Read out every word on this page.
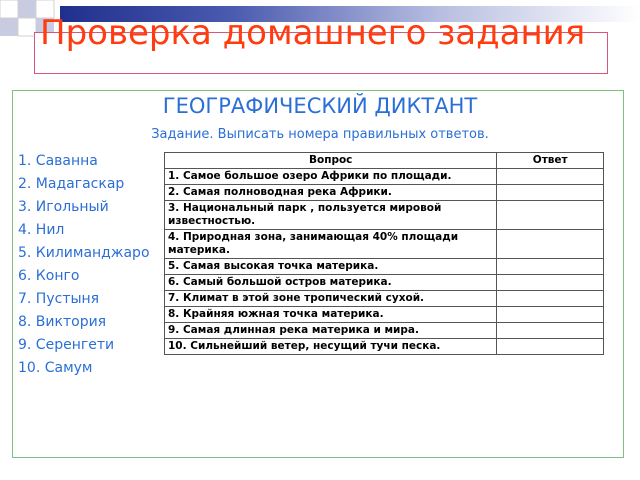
Проверка домашнего задания
ГЕОГРАФИЧЕСКИЙ ДИКТАНТ
Задание. Выписать номера правильных ответов.
1. Саванна
2. Мадагаскар
3. Игольный
4. Нил
5. Килиманджаро
6. Конго
7. Пустыня
8. Виктория
9. Серенгети
10. Самум
Вопрос	Ответ
1. Самое большое озеро Африки по площади.	
2. Самая полноводная река Африки.	
3. Национальный парк , пользуется мировой известностью.	
4. Природная зона, занимающая 40% площади материка.	
5. Самая высокая точка материка.	
6. Самый большой остров материка.	
7. Климат в этой зоне тропический сухой.	
8. Крайняя южная точка материка.	
9. Самая длинная река материка и мира.	
10. Сильнейший ветер, несущий тучи песка.	
